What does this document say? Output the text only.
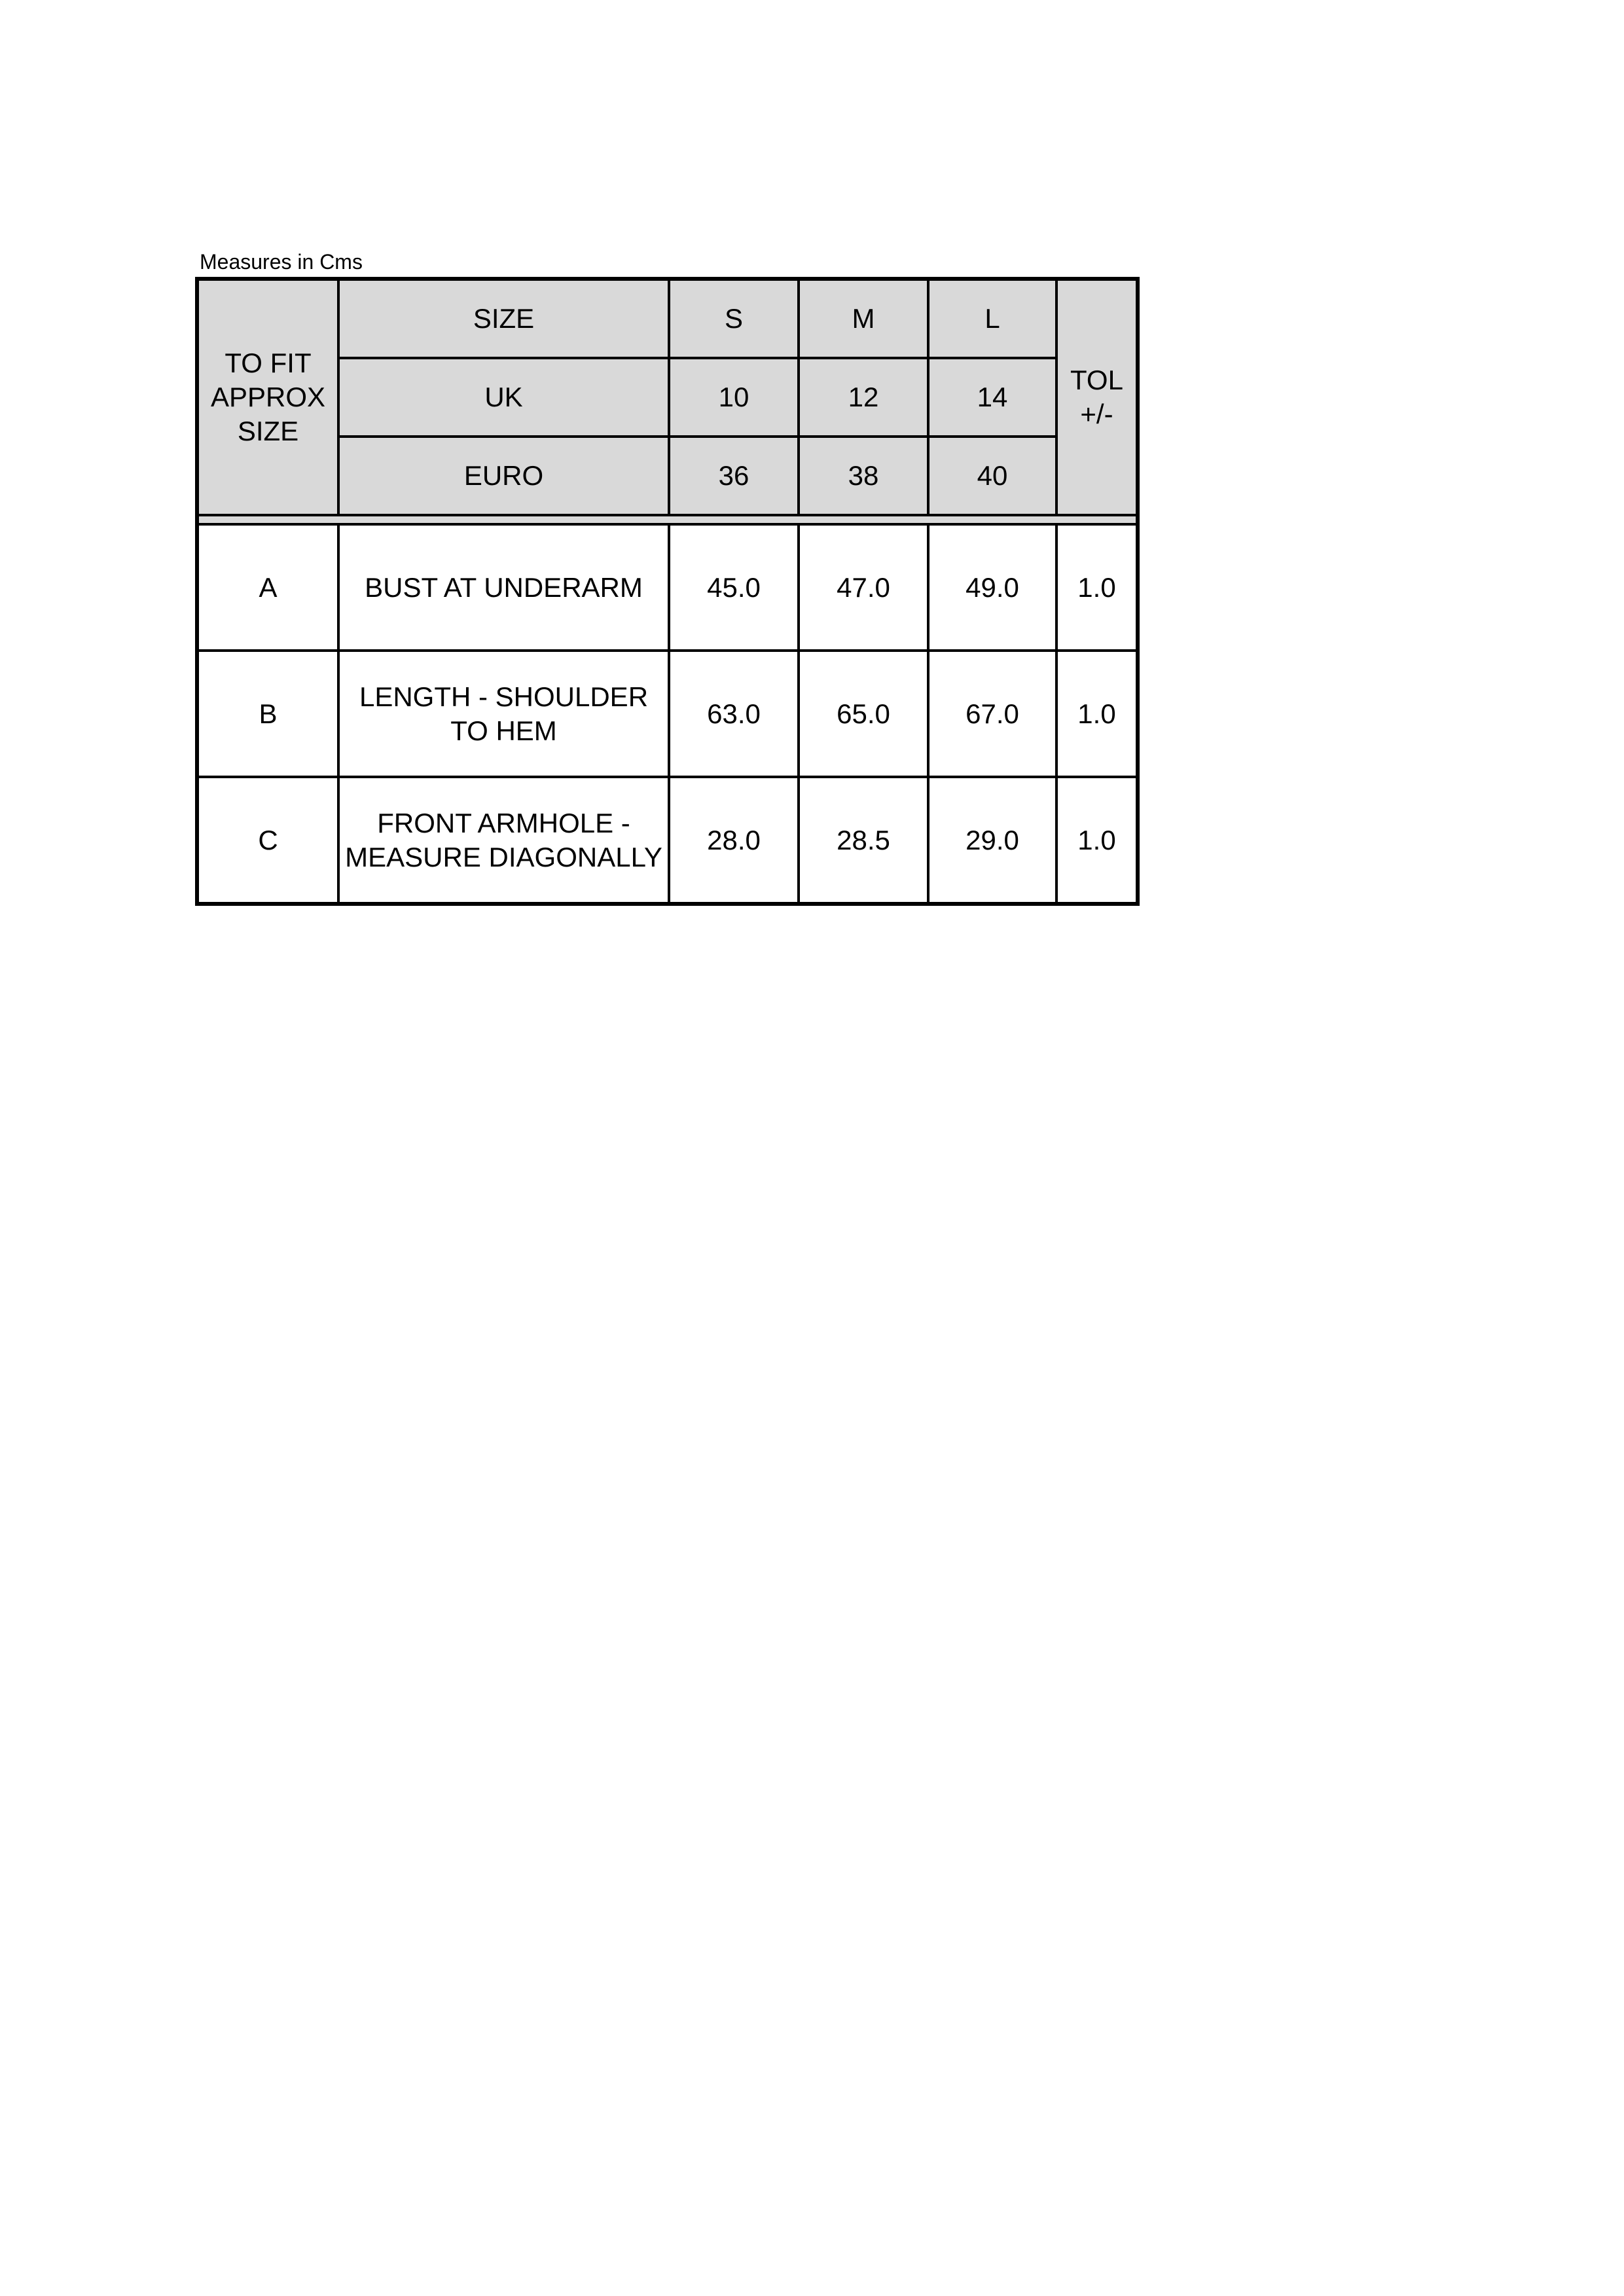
Measures in Cms
TO FIT APPROX SIZE	SIZE	S	M	L	TOL +/-
	UK	10	12	14	
	EURO	36	38	40	

A	BUST AT UNDERARM	45.0	47.0	49.0	1.0
B	LENGTH - SHOULDER TO HEM	63.0	65.0	67.0	1.0
C	FRONT ARMHOLE - MEASURE DIAGONALLY	28.0	28.5	29.0	1.0
